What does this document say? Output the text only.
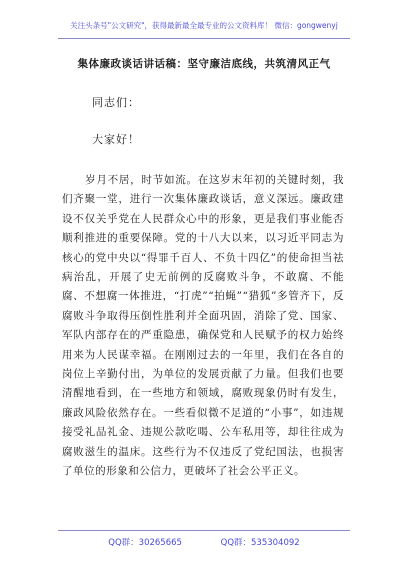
关注头条号"公文研究"，获得最新最全最专业的公文资料库！ 微信：gongwenyj
集体廉政谈话讲话稿：坚守廉洁底线，共筑清风正气
同志们：
大家好！

岁月不居，时节如流。在这岁末年初的关键时刻，我们齐聚一堂，进行一次集体廉政谈话，意义深远。廉政建设不仅关乎党在人民群众心中的形象，更是我们事业能否顺利推进的重要保障。党的十八大以来，以习近平同志为核心的党中央以“得罪千百人、不负十四亿”的使命担当祛病治乱，开展了史无前例的反腐败斗争，不敢腐、不能腐、不想腐一体推进，“打虎”“拍蝇”“猎狐”多管齐下，反腐败斗争取得压倒性胜利并全面巩固，消除了党、国家、军队内部存在的严重隐患，确保党和人民赋予的权力始终用来为人民谋幸福。在刚刚过去的一年里，我们在各自的岗位上辛勤付出，为单位的发展贡献了力量。但我们也要清醒地看到，在一些地方和领域，腐败现象仍时有发生，廉政风险依然存在。一些看似微不足道的“小事”，如违规接受礼品礼金、违规公款吃喝、公车私用等，却往往成为腐败滋生的温床。这些行为不仅违反了党纪国法，也损害了单位的形象和公信力，更破坏了社会公平正义。

QQ群：30265665	QQ群：535304092
